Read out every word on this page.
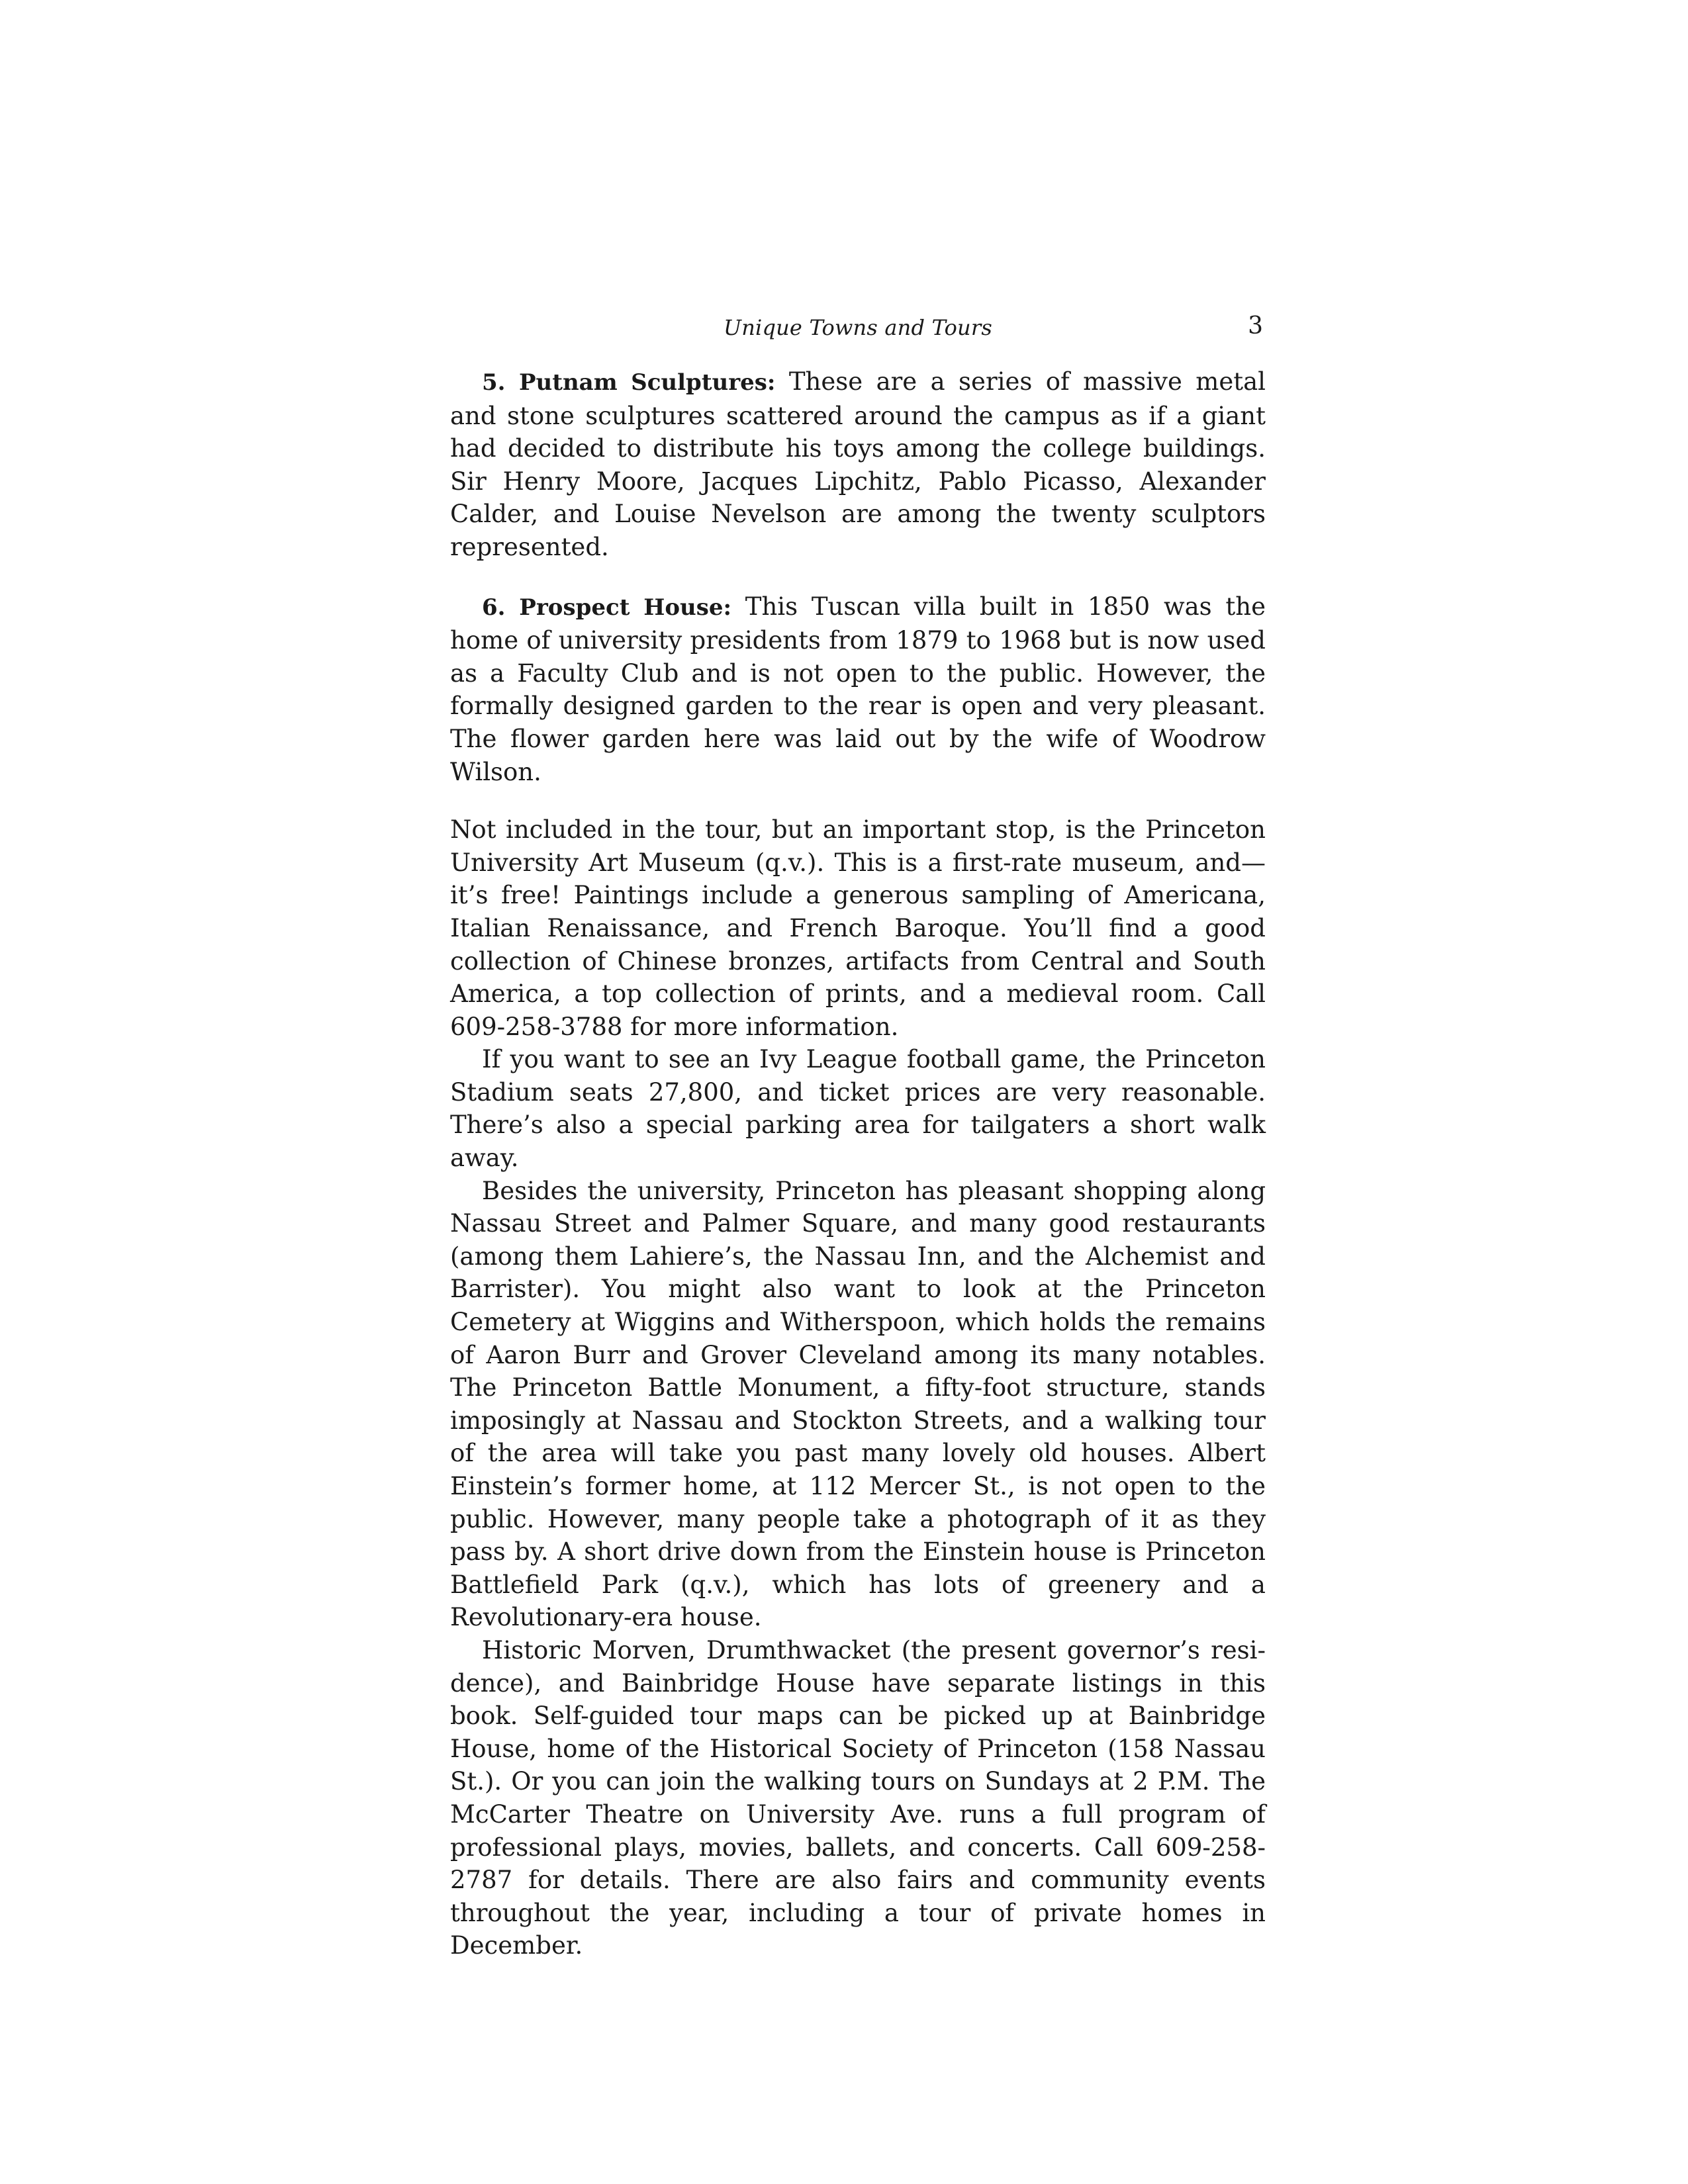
Unique Towns and Tours	3

5. Putnam Sculptures: These are a series of massive metal and stone sculptures scattered around the campus as if a giant had decided to distribute his toys among the college buildings. Sir Henry Moore, Jacques Lipchitz, Pablo Picasso, Alexander Calder, and Louise Nevelson are among the twenty sculptors represented.

6. Prospect House: This Tuscan villa built in 1850 was the home of university presidents from 1879 to 1968 but is now used as a Faculty Club and is not open to the public. However, the formally designed garden to the rear is open and very pleasant. The flower garden here was laid out by the wife of Woodrow Wilson.

Not included in the tour, but an important stop, is the Princeton University Art Museum (q.v.). This is a first-rate museum, and—it’s free! Paintings include a generous sampling of Americana, Italian Renaissance, and French Baroque. You’ll find a good collection of Chinese bronzes, artifacts from Central and South America, a top collection of prints, and a medieval room. Call 609-258-3788 for more information.

If you want to see an Ivy League football game, the Princeton Stadium seats 27,800, and ticket prices are very reasonable. There’s also a special parking area for tailgaters a short walk away.

Besides the university, Princeton has pleasant shopping along Nassau Street and Palmer Square, and many good restaurants (among them Lahiere’s, the Nassau Inn, and the Alchemist and Barrister). You might also want to look at the Princeton Cemetery at Wiggins and Witherspoon, which holds the remains of Aaron Burr and Grover Cleveland among its many notables. The Princeton Battle Monument, a fifty-foot structure, stands imposingly at Nassau and Stockton Streets, and a walking tour of the area will take you past many lovely old houses. Albert Einstein’s former home, at 112 Mercer St., is not open to the public. However, many people take a photograph of it as they pass by. A short drive down from the Einstein house is Princeton Battlefield Park (q.v.), which has lots of greenery and a Revolutionary-era house.

Historic Morven, Drumthwacket (the present governor’s residence), and Bainbridge House have separate listings in this book. Self-guided tour maps can be picked up at Bainbridge House, home of the Historical Society of Princeton (158 Nassau St.). Or you can join the walking tours on Sundays at 2 P.M. The McCarter Theatre on University Ave. runs a full program of professional plays, movies, ballets, and concerts. Call 609-258-2787 for details. There are also fairs and community events throughout the year, including a tour of private homes in December.
